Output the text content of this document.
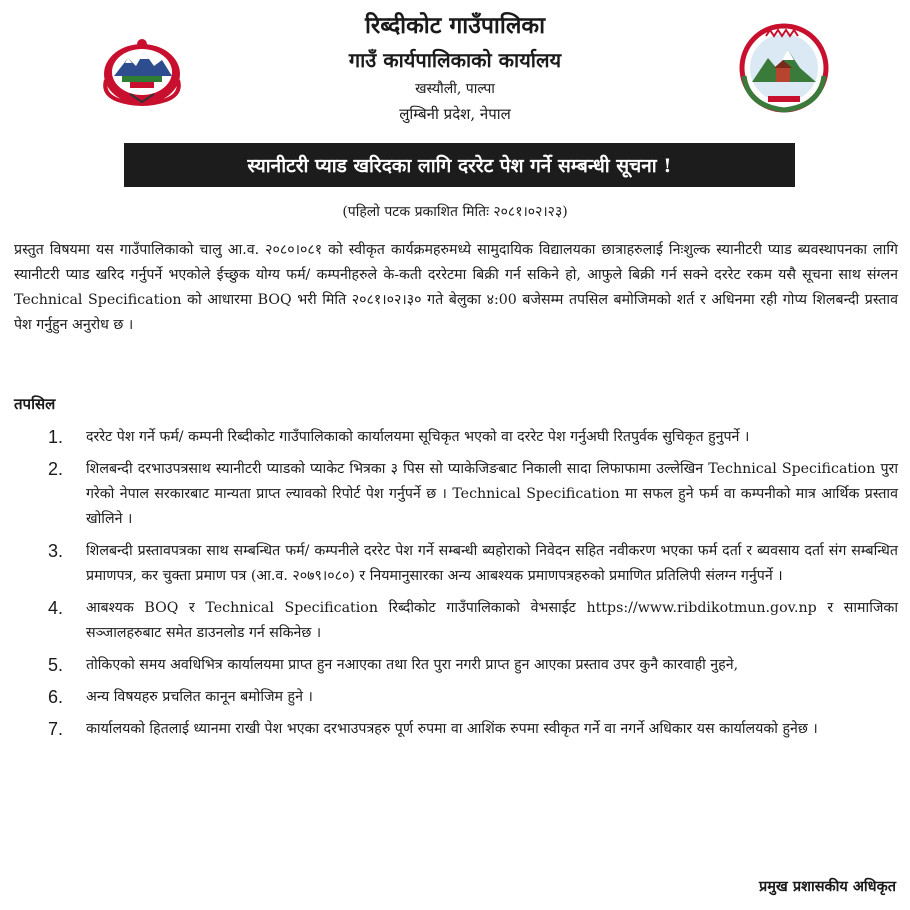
रिब्दीकोट गाउँपालिका
गाउँ कार्यपालिकाको कार्यालय
खस्यौली, पाल्पा
लुम्बिनी प्रदेश, नेपाल
स्यानीटरी प्याड खरिदका लागि दररेट पेश गर्ने सम्बन्धी सूचना !
(पहिलो पटक प्रकाशित मितिः २०८१।०२।२३)
प्रस्तुत विषयमा यस गाउँपालिकाको चालु आ.व. २०८०।०८१ को स्वीकृत कार्यक्रमहरुमध्ये सामुदायिक विद्यालयका छात्राहरुलाई निःशुल्क स्यानीटरी प्याड ब्यवस्थापनका लागि स्यानीटरी प्याड खरिद गर्नुपर्ने भएकोले ईच्छुक योग्य फर्म/ कम्पनीहरुले के-कती दररेटमा बिक्री गर्न सकिने हो, आफुले बिक्री गर्न सक्ने दररेट रकम यसै सूचना साथ संग्लन Technical Specification को आधारमा BOQ भरी मिति २०८१।०२।३० गते बेलुका ४:00 बजेसम्म तपसिल बमोजिमको शर्त र अधिनमा रही गोप्य शिलबन्दी प्रस्ताव पेश गर्नुहुन अनुरोध छ ।
तपसिल
1. दररेट पेश गर्ने फर्म/ कम्पनी रिब्दीकोट गाउँपालिकाको कार्यालयमा सूचिकृत भएको वा दररेट पेश गर्नुअघी रितपुर्वक सुचिकृत हुनुपर्ने ।
2. शिलबन्दी दरभाउपत्रसाथ स्यानीटरी प्याडको प्याकेट भित्रका ३ पिस सो प्याकेजिङबाट निकाली सादा लिफाफामा उल्लेखिन Technical Specification पुरा गरेको नेपाल सरकारबाट मान्यता प्राप्त ल्यावको रिपोर्ट पेश गर्नुपर्ने छ । Technical Specification मा सफल हुने फर्म वा कम्पनीको मात्र आर्थिक प्रस्ताव खोलिने ।
3. शिलबन्दी प्रस्तावपत्रका साथ सम्बन्धित फर्म/ कम्पनीले दररेट पेश गर्ने सम्बन्धी ब्यहोराको निवेदन सहित नवीकरण भएका फर्म दर्ता र ब्यवसाय दर्ता संग सम्बन्धित प्रमाणपत्र, कर चुक्ता प्रमाण पत्र (आ.व. २०७९।०८०) र नियमानुसारका अन्य आबश्यक प्रमाणपत्रहरुको प्रमाणित प्रतिलिपी संलग्न गर्नुपर्ने ।
4. आबश्यक BOQ र Technical Specification रिब्दीकोट गाउँपालिकाको वेभसाईट https://www.ribdikotmun.gov.np र सामाजिका सञ्जालहरुबाट समेत डाउनलोड गर्न सकिनेछ ।
5. तोकिएको समय अवधिभित्र कार्यालयमा प्राप्त हुन नआएका तथा रित पुरा नगरी प्राप्त हुन आएका प्रस्ताव उपर कुनै कारवाही नुहने,
6. अन्य विषयहरु प्रचलित कानून बमोजिम हुने ।
7. कार्यालयको हितलाई ध्यानमा राखी पेश भएका दरभाउपत्रहरु पूर्ण रुपमा वा आशिंक रुपमा स्वीकृत गर्ने वा नगर्ने अधिकार यस कार्यालयको हुनेछ ।
प्रमुख प्रशासकीय अधिकृत
